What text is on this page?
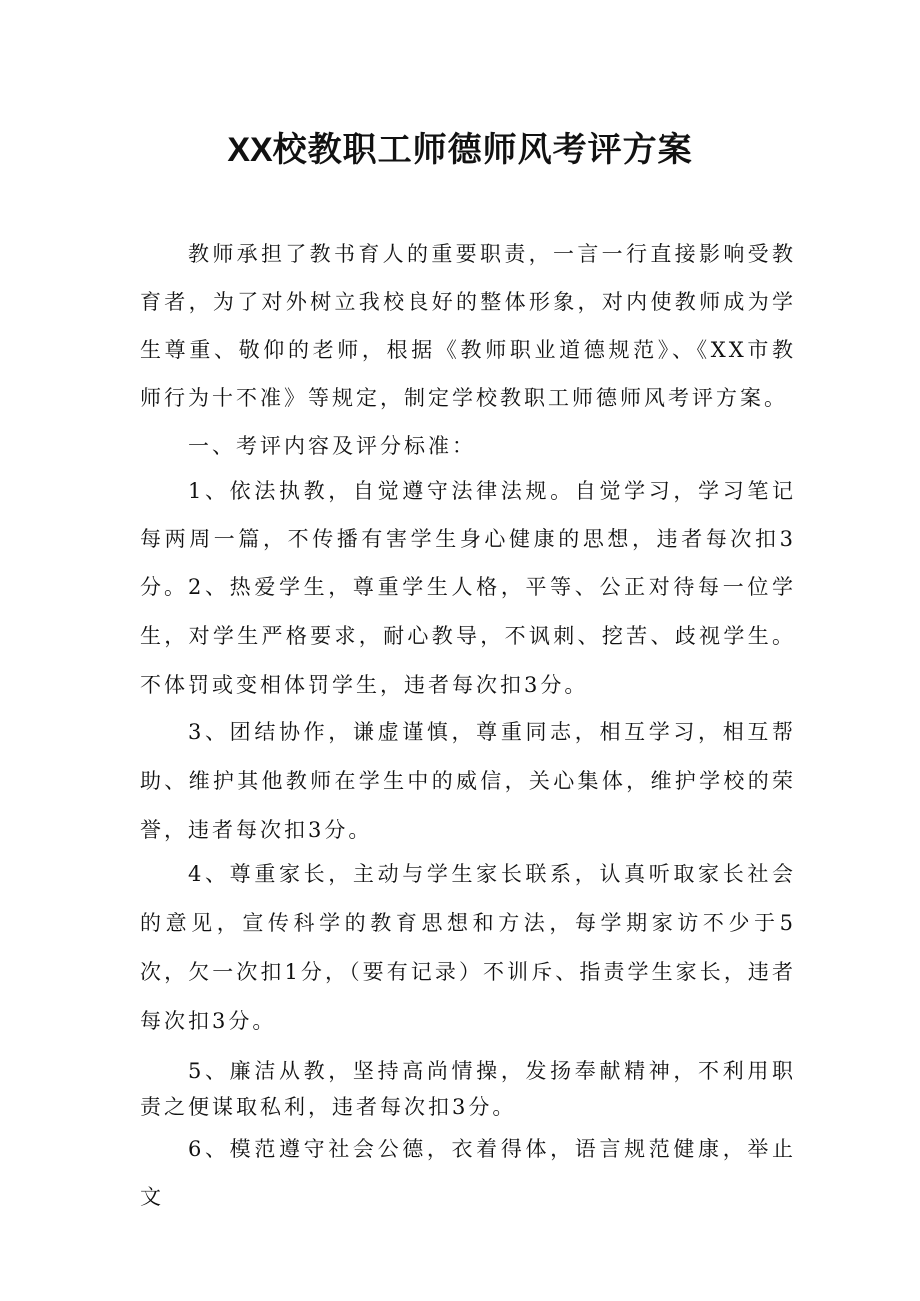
XX校教职工师德师风考评方案

教师承担了教书育人的重要职责，一言一行直接影响受教育者，为了对外树立我校良好的整体形象，对内使教师成为学生尊重、敬仰的老师，根据《教师职业道德规范》、《XX市教师行为十不准》等规定，制定学校教职工师德师风考评方案。

一、考评内容及评分标准：

1、依法执教，自觉遵守法律法规。自觉学习，学习笔记每两周一篇，不传播有害学生身心健康的思想，违者每次扣3分。 2、热爱学生，尊重学生人格，平等、公正对待每一位学生，对学生严格要求，耐心教导，不讽刺、挖苦、歧视学生。不体罚或变相体罚学生，违者每次扣3分。

3、团结协作，谦虚谨慎，尊重同志，相互学习，相互帮助、维护其他教师在学生中的威信，关心集体，维护学校的荣誉，违者每次扣3分。

4、尊重家长，主动与学生家长联系，认真听取家长社会的意见，宣传科学的教育思想和方法，每学期家访不少于5次，欠一次扣1分，（要有记录）不训斥、指责学生家长，违者每次扣3分。

5、廉洁从教，坚持高尚情操，发扬奉献精神，不利用职责之便谋取私利，违者每次扣3分。

6、模范遵守社会公德，衣着得体，语言规范健康，举止文
